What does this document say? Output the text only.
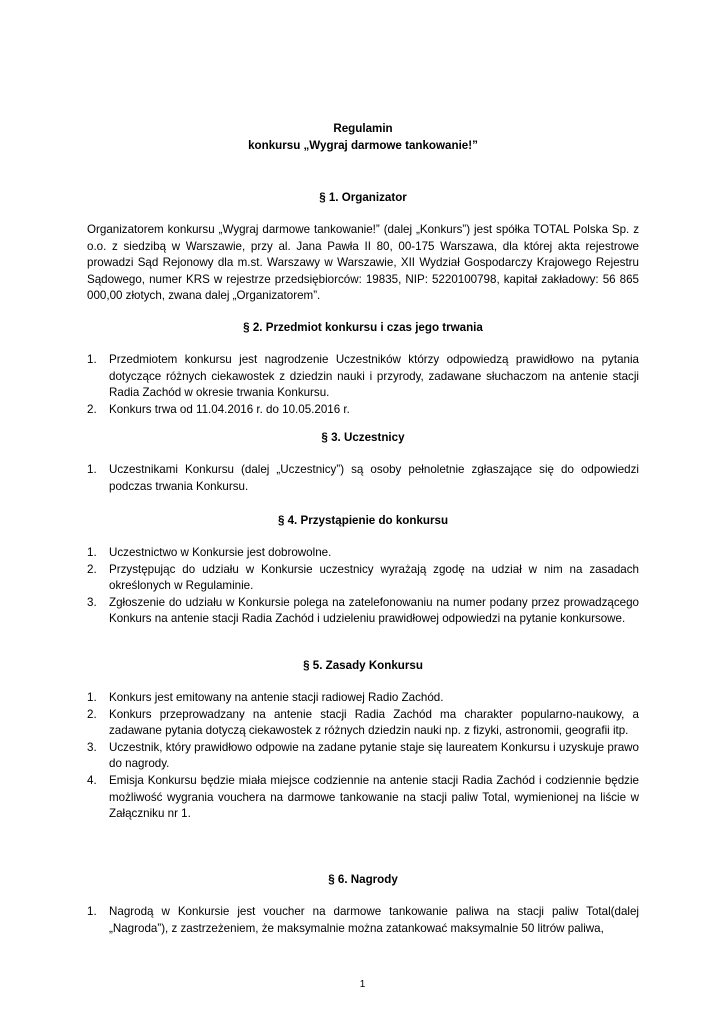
Regulamin

konkursu „Wygraj darmowe tankowanie!”

§ 1. Organizator

Organizatorem konkursu „Wygraj darmowe tankowanie!” (dalej „Konkurs”) jest spółka TOTAL Polska Sp. z o.o. z siedzibą w Warszawie, przy al. Jana Pawła II 80, 00-175 Warszawa, dla której akta rejestrowe prowadzi Sąd Rejonowy dla m.st. Warszawy w Warszawie, XII Wydział Gospodarczy Krajowego Rejestru Sądowego, numer KRS w rejestrze przedsiębiorców: 19835, NIP: 5220100798, kapitał zakładowy: 56 865 000,00 złotych, zwana dalej „Organizatorem”.

§ 2. Przedmiot konkursu i czas jego trwania

1. Przedmiotem konkursu jest nagrodzenie Uczestników którzy odpowiedzą prawidłowo na pytania dotyczące różnych ciekawostek z dziedzin nauki i przyrody, zadawane słuchaczom na antenie stacji Radia Zachód w okresie trwania Konkursu.
2. Konkurs trwa od 11.04.2016 r. do 10.05.2016 r.

§ 3. Uczestnicy

1. Uczestnikami Konkursu (dalej „Uczestnicy”) są osoby pełnoletnie zgłaszające się do odpowiedzi podczas trwania Konkursu.

§ 4. Przystąpienie do konkursu

1. Uczestnictwo w Konkursie jest dobrowolne.
2. Przystępując do udziału w Konkursie uczestnicy wyrażają zgodę na udział w nim na zasadach określonych w Regulaminie.
3. Zgłoszenie do udziału w Konkursie polega na zatelefonowaniu na numer podany przez prowadzącego Konkurs na antenie stacji Radia Zachód i udzieleniu prawidłowej odpowiedzi na pytanie konkursowe.

§ 5. Zasady Konkursu

1. Konkurs jest emitowany na antenie stacji radiowej Radio Zachód.
2. Konkurs przeprowadzany na antenie stacji Radia Zachód ma charakter popularno-naukowy, a zadawane pytania dotyczą ciekawostek z różnych dziedzin nauki np. z fizyki, astronomii, geografii itp.
3. Uczestnik, który prawidłowo odpowie na zadane pytanie staje się laureatem Konkursu i uzyskuje prawo do nagrody.
4. Emisja Konkursu będzie miała miejsce codziennie na antenie stacji Radia Zachód i codziennie będzie możliwość wygrania vouchera na darmowe tankowanie na stacji paliw Total, wymienionej na liście w Załączniku nr 1.

§ 6. Nagrody

1. Nagrodą w Konkursie jest voucher na darmowe tankowanie paliwa na stacji paliw Total(dalej „Nagroda”), z zastrzeżeniem, że maksymalnie można zatankować maksymalnie 50 litrów paliwa,
1
